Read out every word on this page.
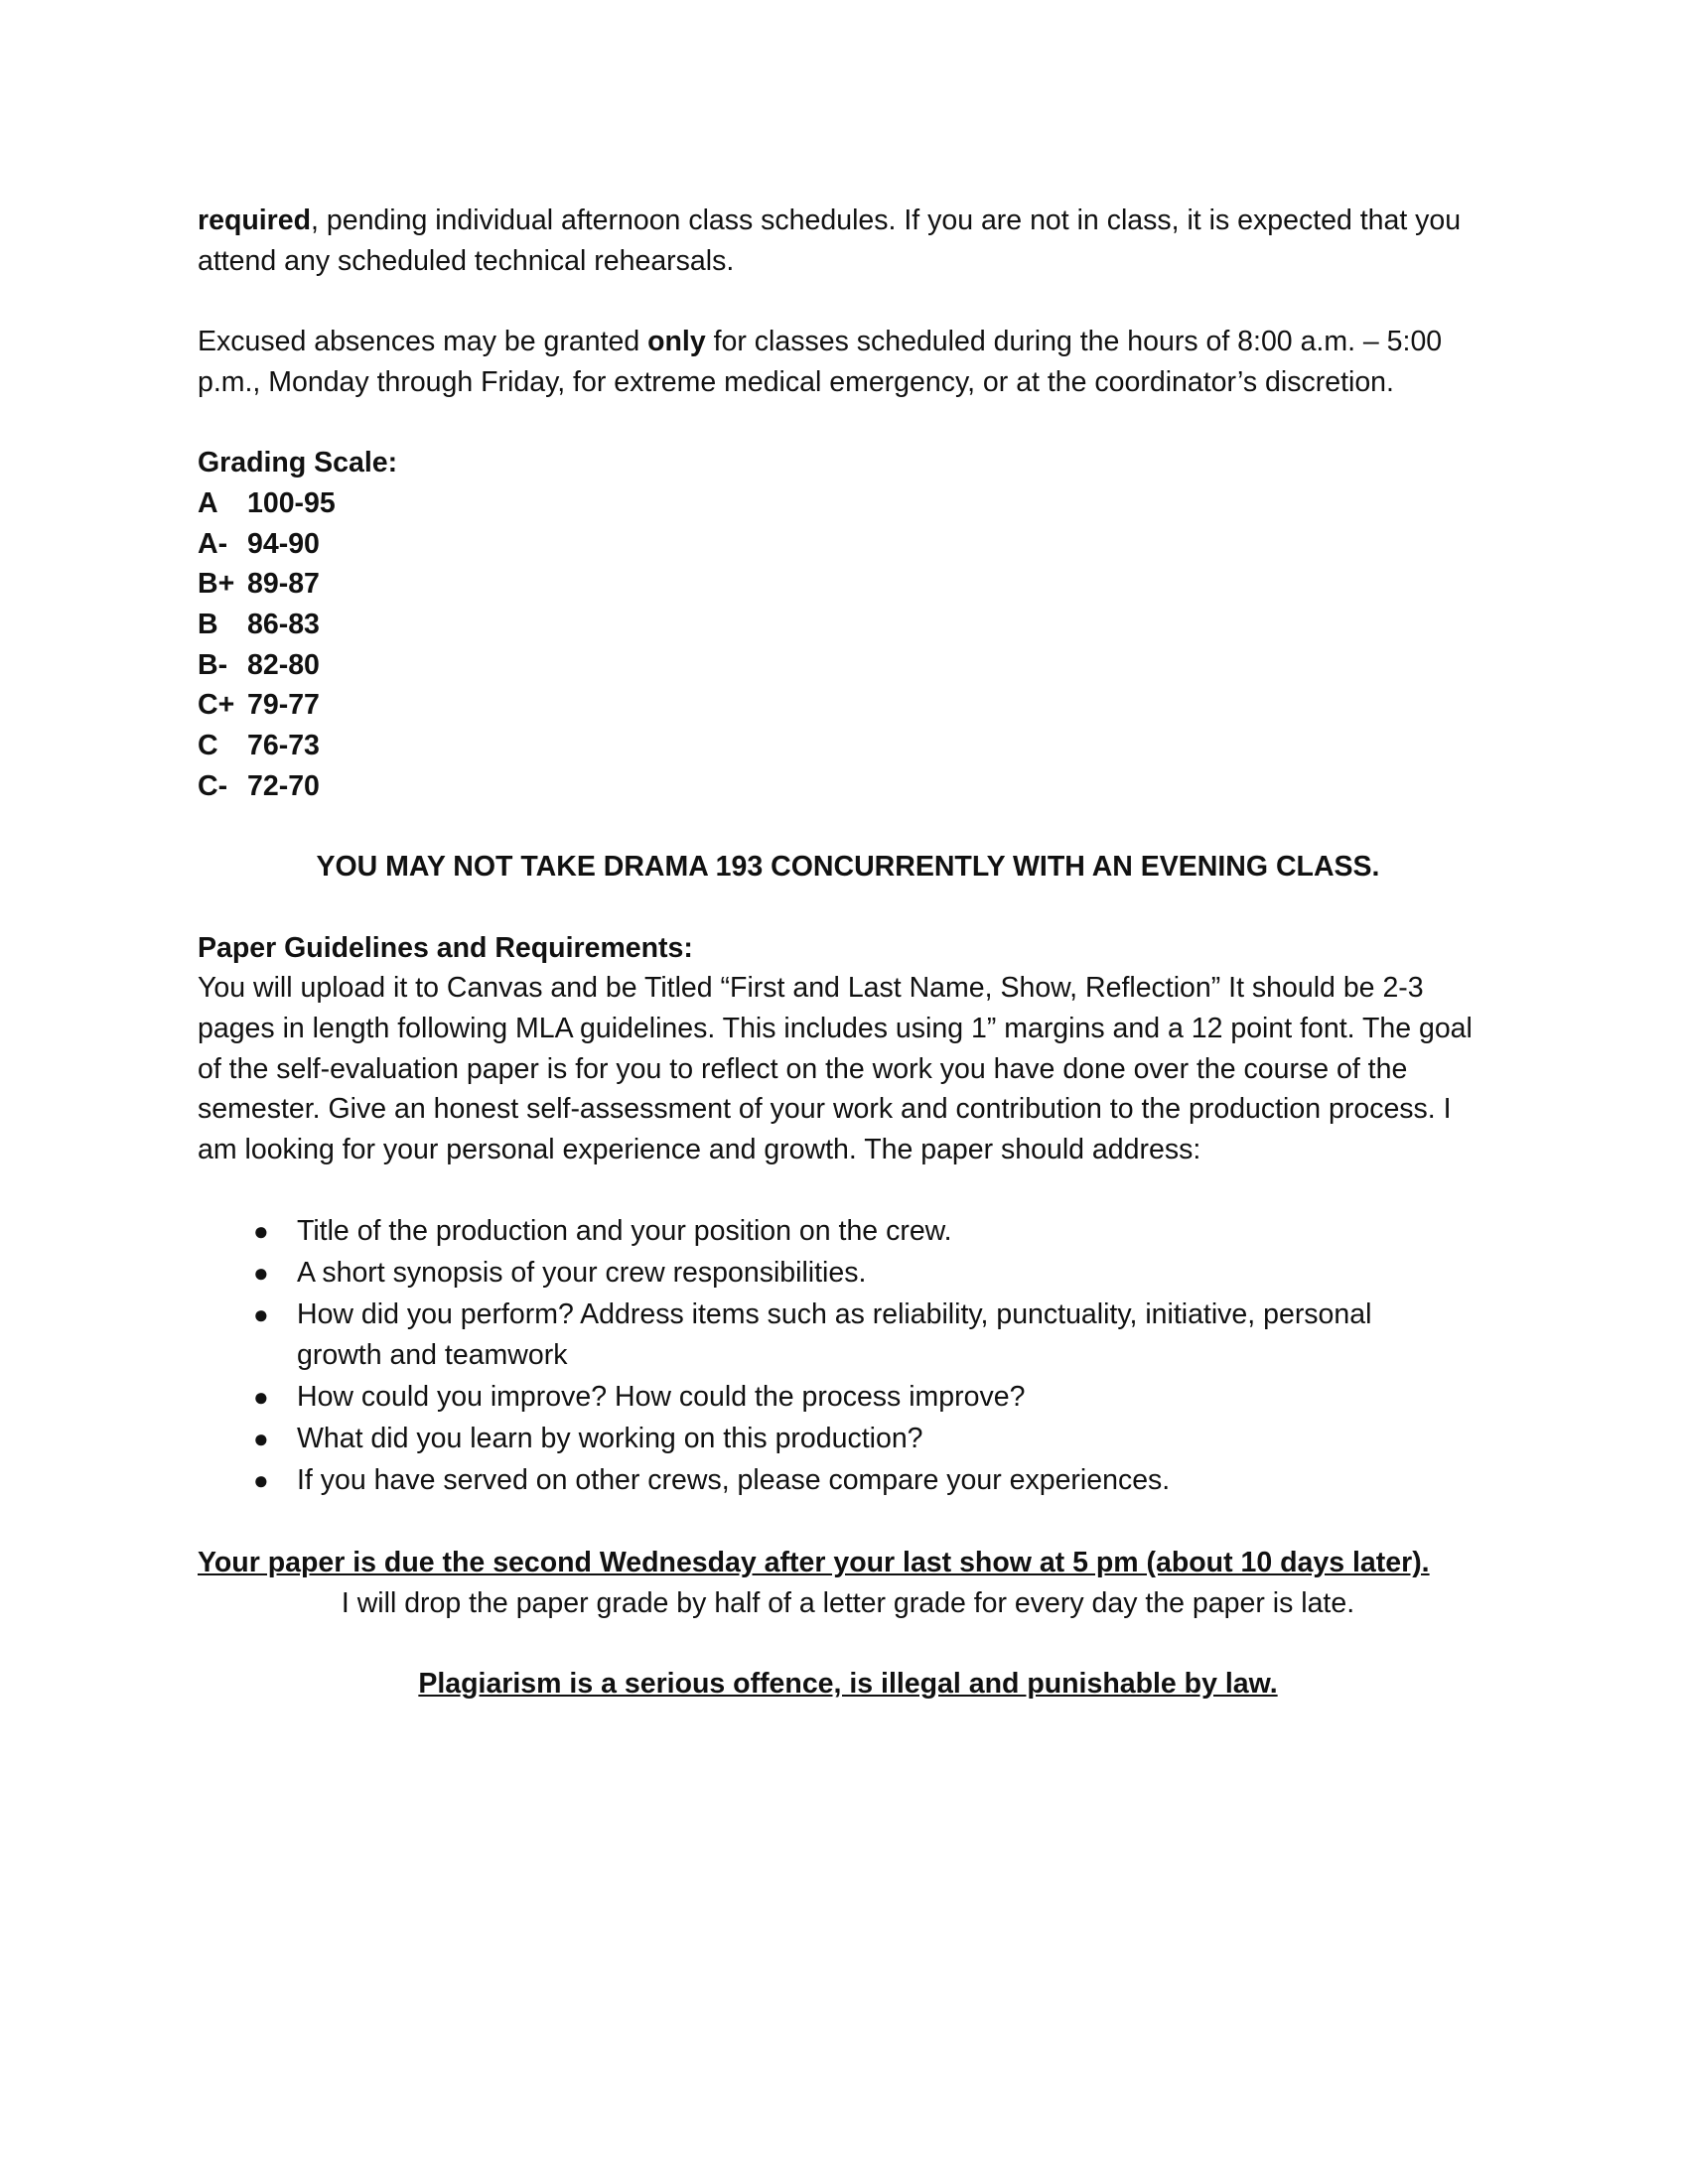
required, pending individual afternoon class schedules. If you are not in class, it is expected that you attend any scheduled technical rehearsals.

Excused absences may be granted only for classes scheduled during the hours of 8:00 a.m. – 5:00 p.m., Monday through Friday, for extreme medical emergency, or at the coordinator’s discretion.

Grading Scale:

A	100-95
A- 94-90
B+ 89-87
B	86-83
B- 82-80
C+ 79-77
C	76-73
C- 72-70

YOU MAY NOT TAKE DRAMA 193 CONCURRENTLY WITH AN EVENING CLASS.

Paper Guidelines and Requirements:

You will upload it to Canvas and be Titled “First and Last Name, Show, Reflection” It should be 2-3 pages in length following MLA guidelines. This includes using 1” margins and a 12 point font. The goal of the self-evaluation paper is for you to reflect on the work you have done over the course of the semester. Give an honest self-assessment of your work and contribution to the production process. I am looking for your personal experience and growth. The paper should address:

● Title of the production and your position on the crew.
● A short synopsis of your crew responsibilities.
● How did you perform? Address items such as reliability, punctuality, initiative, personal growth and teamwork
● How could you improve? How could the process improve?
● What did you learn by working on this production?
● If you have served on other crews, please compare your experiences.

Your paper is due the second Wednesday after your last show at 5 pm (about 10 days later).

I will drop the paper grade by half of a letter grade for every day the paper is late.

Plagiarism is a serious offence, is illegal and punishable by law.
